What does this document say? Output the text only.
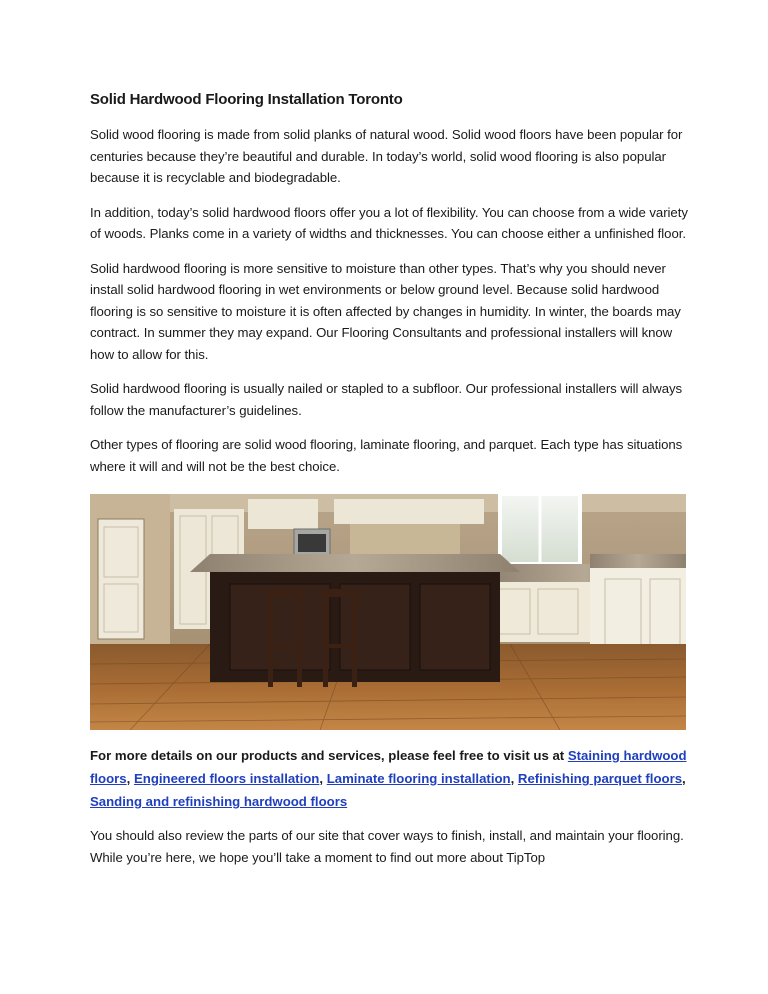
Solid Hardwood Flooring Installation Toronto

Solid wood flooring is made from solid planks of natural wood. Solid wood floors have been popular for centuries because they’re beautiful and durable. In today’s world, solid wood flooring is also popular because it is recyclable and biodegradable.

In addition, today’s solid hardwood floors offer you a lot of flexibility. You can choose from a wide variety of woods. Planks come in a variety of widths and thicknesses. You can choose either a unfinished floor.

Solid hardwood flooring is more sensitive to moisture than other types. That’s why you should never install solid hardwood flooring in wet environments or below ground level. Because solid hardwood flooring is so sensitive to moisture it is often affected by changes in humidity. In winter, the boards may contract. In summer they may expand. Our Flooring Consultants and professional installers will know how to allow for this.

Solid hardwood flooring is usually nailed or stapled to a subfloor. Our professional installers will always follow the manufacturer’s guidelines.

Other types of flooring are solid wood flooring, laminate flooring, and parquet. Each type has situations where it will and will not be the best choice.

For more details on our products and services, please feel free to visit us at Staining hardwood floors, Engineered floors installation, Laminate flooring installation, Refinishing parquet floors, Sanding and refinishing hardwood floors

You should also review the parts of our site that cover ways to finish, install, and maintain your flooring. While you’re here, we hope you’ll take a moment to find out more about TipTop
